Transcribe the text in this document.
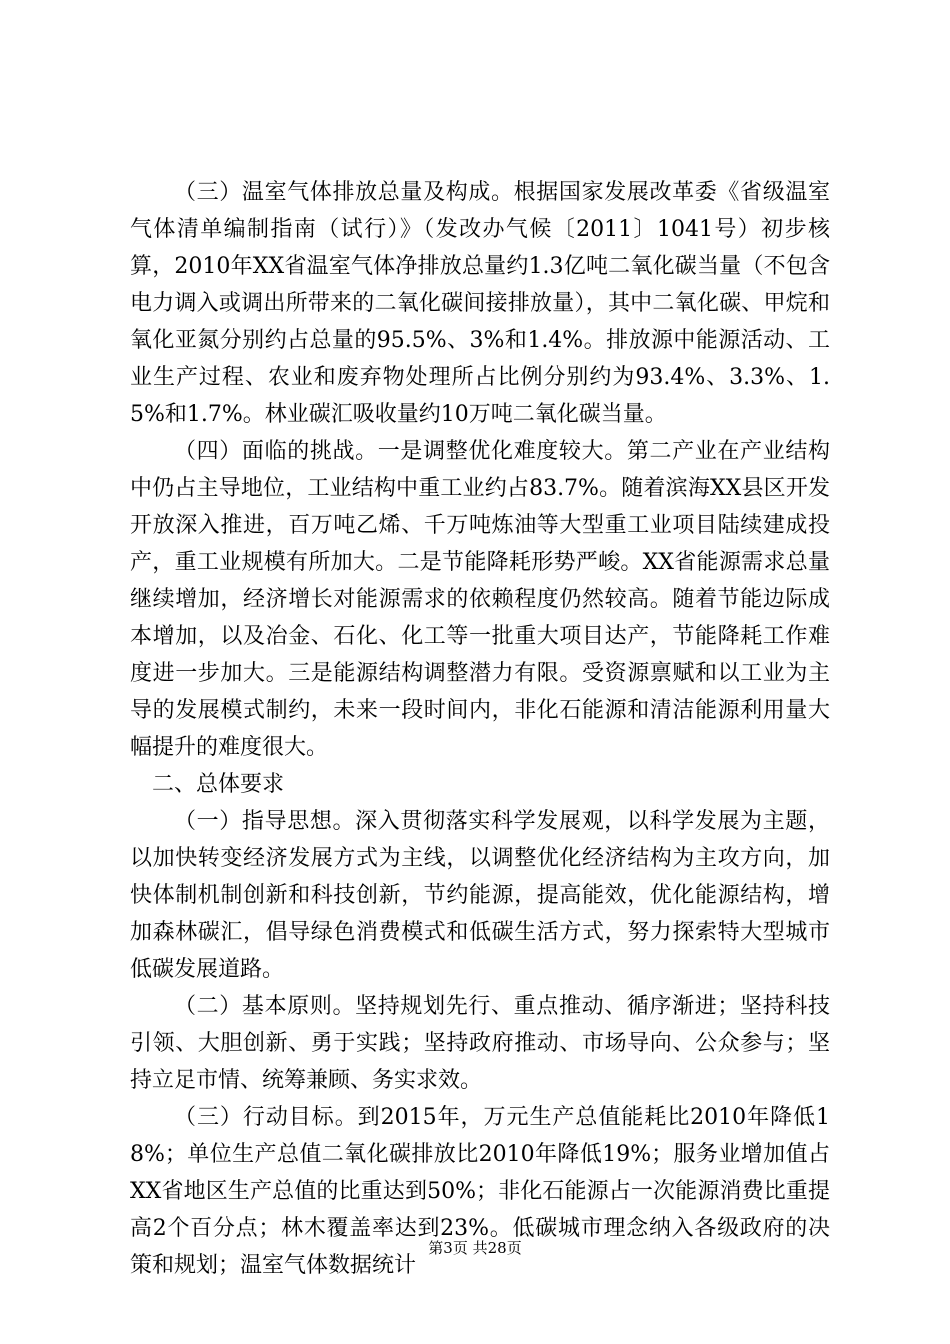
（三）温室气体排放总量及构成。根据国家发展改革委《省级温室气体清单编制指南（试行）》（发改办气候〔2011〕1041号）初步核算，2010年XX省温室气体净排放总量约1.3亿吨二氧化碳当量（不包含电力调入或调出所带来的二氧化碳间接排放量），其中二氧化碳、甲烷和氧化亚氮分别约占总量的95.5%、3%和1.4%。排放源中能源活动、工业生产过程、农业和废弃物处理所占比例分别约为93.4%、3.3%、1.5%和1.7%。林业碳汇吸收量约10万吨二氧化碳当量。

（四）面临的挑战。一是调整优化难度较大。第二产业在产业结构中仍占主导地位，工业结构中重工业约占83.7%。随着滨海XX县区开发开放深入推进，百万吨乙烯、千万吨炼油等大型重工业项目陆续建成投产，重工业规模有所加大。二是节能降耗形势严峻。XX省能源需求总量继续增加，经济增长对能源需求的依赖程度仍然较高。随着节能边际成本增加，以及冶金、石化、化工等一批重大项目达产，节能降耗工作难度进一步加大。三是能源结构调整潜力有限。受资源禀赋和以工业为主导的发展模式制约，未来一段时间内，非化石能源和清洁能源利用量大幅提升的难度很大。

二、总体要求

（一）指导思想。深入贯彻落实科学发展观，以科学发展为主题，以加快转变经济发展方式为主线，以调整优化经济结构为主攻方向，加快体制机制创新和科技创新，节约能源，提高能效，优化能源结构，增加森林碳汇，倡导绿色消费模式和低碳生活方式，努力探索特大型城市低碳发展道路。

（二）基本原则。坚持规划先行、重点推动、循序渐进；坚持科技引领、大胆创新、勇于实践；坚持政府推动、市场导向、公众参与；坚持立足市情、统筹兼顾、务实求效。

（三）行动目标。到2015年，万元生产总值能耗比2010年降低18%；单位生产总值二氧化碳排放比2010年降低19%；服务业增加值占XX省地区生产总值的比重达到50%；非化石能源占一次能源消费比重提高2个百分点；林木覆盖率达到23%。低碳城市理念纳入各级政府的决策和规划；温室气体数据统计

第3页 共28页
